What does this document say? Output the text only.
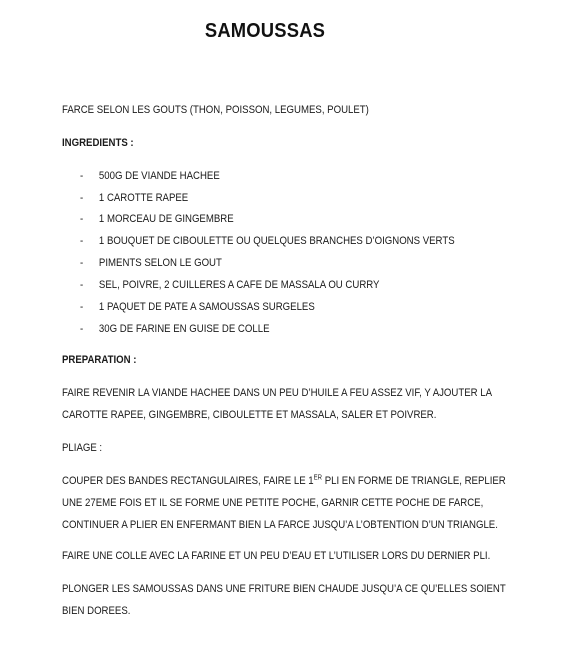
SAMOUSSAS
FARCE SELON LES GOUTS (THON, POISSON, LEGUMES, POULET)
INGREDIENTS :
- 500G DE VIANDE HACHEE
- 1 CAROTTE RAPEE
- 1 MORCEAU DE GINGEMBRE
- 1 BOUQUET DE CIBOULETTE OU QUELQUES BRANCHES D’OIGNONS VERTS
- PIMENTS SELON LE GOUT
- SEL, POIVRE, 2 CUILLERES A CAFE DE MASSALA OU CURRY
- 1 PAQUET DE PATE A SAMOUSSAS SURGELES
- 30G DE FARINE EN GUISE DE COLLE
PREPARATION :
FAIRE REVENIR LA VIANDE HACHEE DANS UN PEU D’HUILE A FEU ASSEZ VIF, Y AJOUTER LA
CAROTTE RAPEE, GINGEMBRE, CIBOULETTE ET MASSALA, SALER ET POIVRER.
PLIAGE :
COUPER DES BANDES RECTANGULAIRES, FAIRE LE 1ER PLI EN FORME DE TRIANGLE, REPLIER
UNE 27EME FOIS ET IL SE FORME UNE PETITE POCHE, GARNIR CETTE POCHE DE FARCE,
CONTINUER A PLIER EN ENFERMANT BIEN LA FARCE JUSQU’A L’OBTENTION D’UN TRIANGLE.
FAIRE UNE COLLE AVEC LA FARINE ET UN PEU D’EAU ET L’UTILISER LORS DU DERNIER PLI.
PLONGER LES SAMOUSSAS DANS UNE FRITURE BIEN CHAUDE JUSQU’A CE QU’ELLES SOIENT
BIEN DOREES.
